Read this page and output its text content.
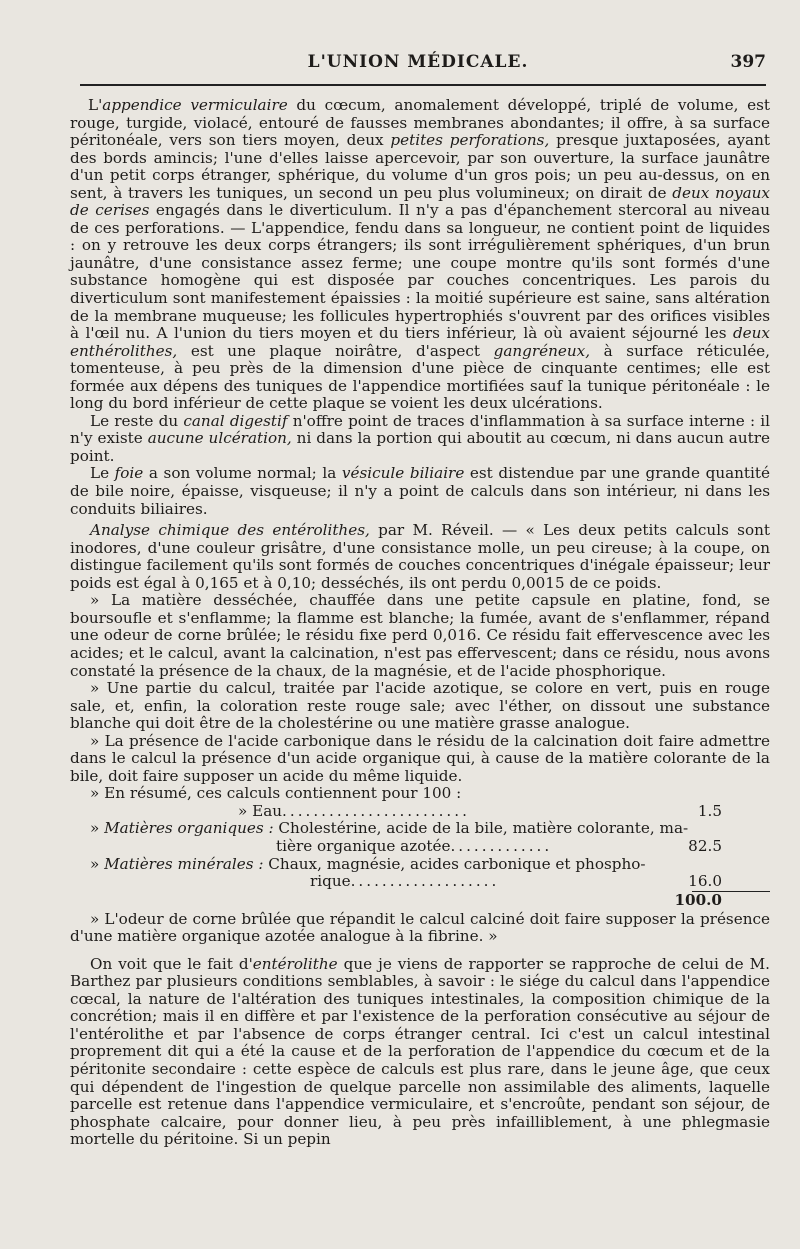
L'UNION MÉDICALE.	397

L'appendice vermiculaire du cœcum, anomalement développé, triplé de volume, est rouge, turgide, violacé, entouré de fausses membranes abondantes; il offre, à sa surface péritonéale, vers son tiers moyen, deux petites perforations, presque juxtaposées, ayant des bords amincis; l'une d'elles laisse apercevoir, par son ouverture, la surface jaunâtre d'un petit corps étranger, sphérique, du volume d'un gros pois; un peu au-dessus, on en sent, à travers les tuniques, un second un peu plus volumineux; on dirait de deux noyaux de cerises engagés dans le diverticulum. Il n'y a pas d'épanchement stercoral au niveau de ces perforations. — L'appendice, fendu dans sa longueur, ne contient point de liquides : on y retrouve les deux corps étrangers; ils sont irrégulièrement sphériques, d'un brun jaunâtre, d'une consistance assez ferme; une coupe montre qu'ils sont formés d'une substance homogène qui est disposée par couches concentriques. Les parois du diverticulum sont manifestement épaissies : la moitié supérieure est saine, sans altération de la membrane muqueuse; les follicules hypertrophiés s'ouvrent par des orifices visibles à l'œil nu. A l'union du tiers moyen et du tiers inférieur, là où avaient séjourné les deux enthérolithes, est une plaque noirâtre, d'aspect gangréneux, à surface réticulée, tomenteuse, à peu près de la dimension d'une pièce de cinquante centimes; elle est formée aux dépens des tuniques de l'appendice mortifiées sauf la tunique péritonéale : le long du bord inférieur de cette plaque se voient les deux ulcérations.

Le reste du canal digestif n'offre point de traces d'inflammation à sa surface interne : il n'y existe aucune ulcération, ni dans la portion qui aboutit au cœcum, ni dans aucun autre point.

Le foie a son volume normal; la vésicule biliaire est distendue par une grande quantité de bile noire, épaisse, visqueuse; il n'y a point de calculs dans son intérieur, ni dans les conduits biliaires.

Analyse chimique des entérolithes, par M. Réveil. — « Les deux petits calculs sont inodores, d'une couleur grisâtre, d'une consistance molle, un peu cireuse; à la coupe, on distingue facilement qu'ils sont formés de couches concentriques d'inégale épaisseur; leur poids est égal à 0,165 et à 0,10; desséchés, ils ont perdu 0,0015 de ce poids.

» La matière desséchée, chauffée dans une petite capsule en platine, fond, se boursoufle et s'enflamme; la flamme est blanche; la fumée, avant de s'enflammer, répand une odeur de corne brûlée; le résidu fixe perd 0,016. Ce résidu fait effervescence avec les acides; et le calcul, avant la calcination, n'est pas effervescent; dans ce résidu, nous avons constaté la présence de la chaux, de la magnésie, et de l'acide phosphorique.

» Une partie du calcul, traitée par l'acide azotique, se colore en vert, puis en rouge sale, et, enfin, la coloration reste rouge sale; avec l'éther, on dissout une substance blanche qui doit être de la cholestérine ou une matière grasse analogue.

» La présence de l'acide carbonique dans le résidu de la calcination doit faire admettre dans le calcul la présence d'un acide organique qui, à cause de la matière colorante de la bile, doit faire supposer un acide du même liquide.

» En résumé, ces calculs contiennent pour 100 :

» Eau........................	1.5
» Matières organiques : Cholestérine, acide de la bile, matière colorante, ma-
tière organique azotée.............	82.5
» Matières minérales : Chaux, magnésie, acides carbonique et phospho-
rique...................	16.0
100.0

» L'odeur de corne brûlée que répandit le calcul calciné doit faire supposer la présence d'une matière organique azotée analogue à la fibrine. »

On voit que le fait d'entérolithe que je viens de rapporter se rapproche de celui de M. Barthez par plusieurs conditions semblables, à savoir : le siége du calcul dans l'appendice cœcal, la nature de l'altération des tuniques intestinales, la composition chimique de la concrétion; mais il en diffère et par l'existence de la perforation consécutive au séjour de l'entérolithe et par l'absence de corps étranger central. Ici c'est un calcul intestinal proprement dit qui a été la cause et de la perforation de l'appendice du cœcum et de la péritonite secondaire : cette espèce de calculs est plus rare, dans le jeune âge, que ceux qui dépendent de l'ingestion de quelque parcelle non assimilable des aliments, laquelle parcelle est retenue dans l'appendice vermiculaire, et s'encroûte, pendant son séjour, de phosphate calcaire, pour donner lieu, à peu près infailliblement, à une phlegmasie mortelle du péritoine. Si un pepin
